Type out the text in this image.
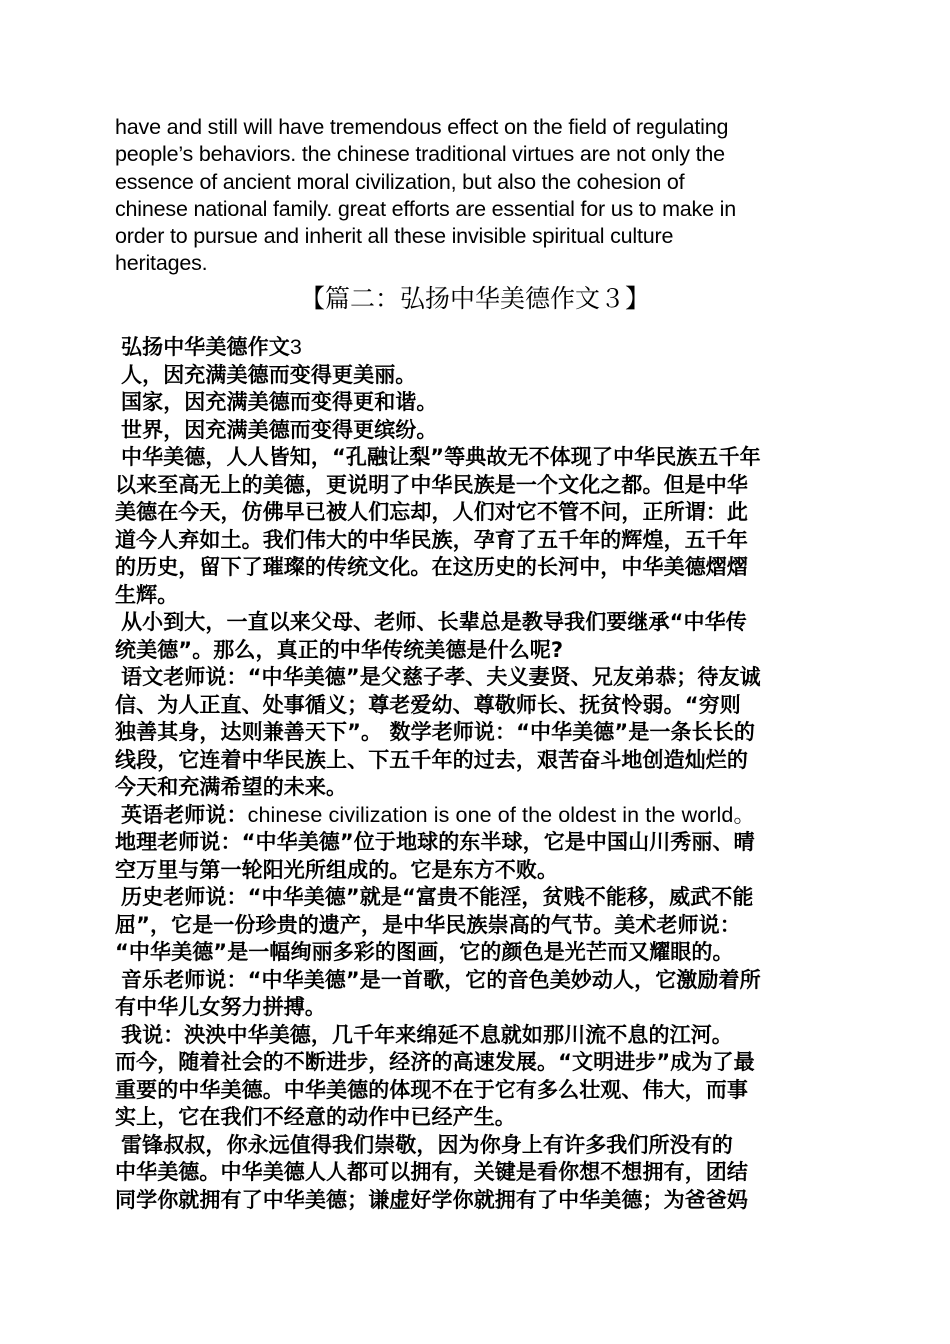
have and still will have tremendous effect on the field of regulating

people’s behaviors. the chinese traditional virtues are not only the

essence of ancient moral civilization, but also the cohesion of

chinese national family. great efforts are essential for us to make in

order to pursue and inherit all these invisible spiritual culture

heritages.

【篇二：弘扬中华美德作文３】

弘扬中华美德作文3

人，因充满美德而变得更美丽。

国家，因充满美德而变得更和谐。

世界，因充满美德而变得更缤纷。

中华美德，人人皆知，“孔融让梨”等典故无不体现了中华民族五千年

以来至高无上的美德，更说明了中华民族是一个文化之都。但是中华

美德在今天，仿佛早已被人们忘却，人们对它不管不问，正所谓：此

道今人弃如土。我们伟大的中华民族，孕育了五千年的辉煌，五千年

的历史，留下了璀璨的传统文化。在这历史的长河中，中华美德熠熠

生辉。

从小到大，一直以来父母、老师、长辈总是教导我们要继承“中华传

统美德”。那么，真正的中华传统美德是什么呢?

语文老师说：“中华美德”是父慈子孝、夫义妻贤、兄友弟恭；待友诚

信、为人正直、处事循义；尊老爱幼、尊敬师长、抚贫怜弱。“穷则

独善其身，达则兼善天下”。 数学老师说：“中华美德”是一条长长的

线段，它连着中华民族上、下五千年的过去，艰苦奋斗地创造灿烂的

今天和充满希望的未来。

英语老师说：chinese civilization is one of the oldest in the world。

地理老师说：“中华美德”位于地球的东半球，它是中国山川秀丽、晴

空万里与第一轮阳光所组成的。它是东方不败。

历史老师说：“中华美德”就是“富贵不能淫，贫贱不能移，威武不能

屈”，它是一份珍贵的遗产，是中华民族崇高的气节。美术老师说：

“中华美德”是一幅绚丽多彩的图画，它的颜色是光芒而又耀眼的。

音乐老师说：“中华美德”是一首歌，它的音色美妙动人，它激励着所

有中华儿女努力拼搏。

我说：泱泱中华美德，几千年来绵延不息就如那川流不息的江河。

而今，随着社会的不断进步，经济的高速发展。“文明进步”成为了最

重要的中华美德。中华美德的体现不在于它有多么壮观、伟大，而事

实上，它在我们不经意的动作中已经产生。

雷锋叔叔，你永远值得我们崇敬，因为你身上有许多我们所没有的

中华美德。中华美德人人都可以拥有，关键是看你想不想拥有，团结

同学你就拥有了中华美德；谦虚好学你就拥有了中华美德；为爸爸妈
